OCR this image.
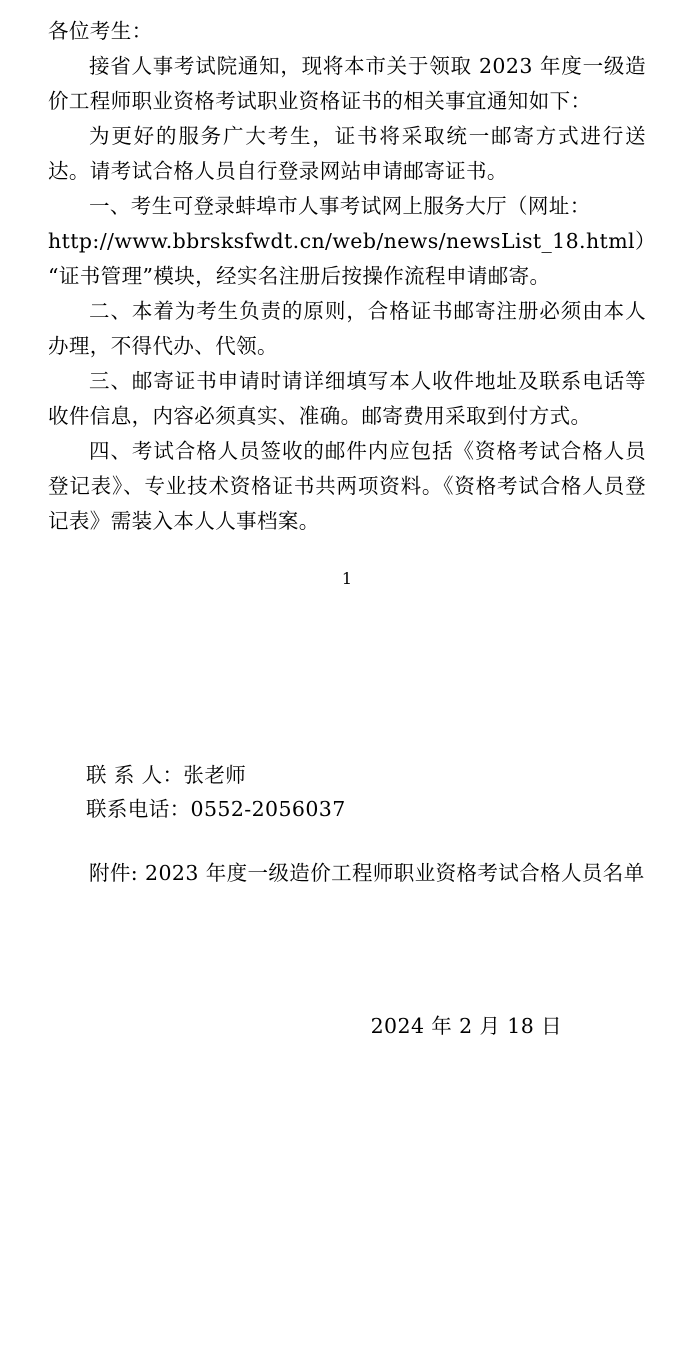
各位考生：

接省人事考试院通知，现将本市关于领取 2023 年度一级造价工程师职业资格考试职业资格证书的相关事宜通知如下：

为更好的服务广大考生，证书将采取统一邮寄方式进行送达。请考试合格人员自行登录网站申请邮寄证书。

一、考生可登录蚌埠市人事考试网上服务大厅（网址：

http://www.bbrsksfwdt.cn/web/news/newsList_18.html）

“证书管理”模块，经实名注册后按操作流程申请邮寄。

二、本着为考生负责的原则，合格证书邮寄注册必须由本人办理，不得代办、代领。

三、邮寄证书申请时请详细填写本人收件地址及联系电话等收件信息，内容必须真实、准确。邮寄费用采取到付方式。

四、考试合格人员签收的邮件内应包括《资格考试合格人员登记表》、专业技术资格证书共两项资料。《资格考试合格人员登记表》需装入本人人事档案。

1

联 系 人：张老师

联系电话：0552-2056037

附件: 2023 年度一级造价工程师职业资格考试合格人员名单

2024 年 2 月 18 日
